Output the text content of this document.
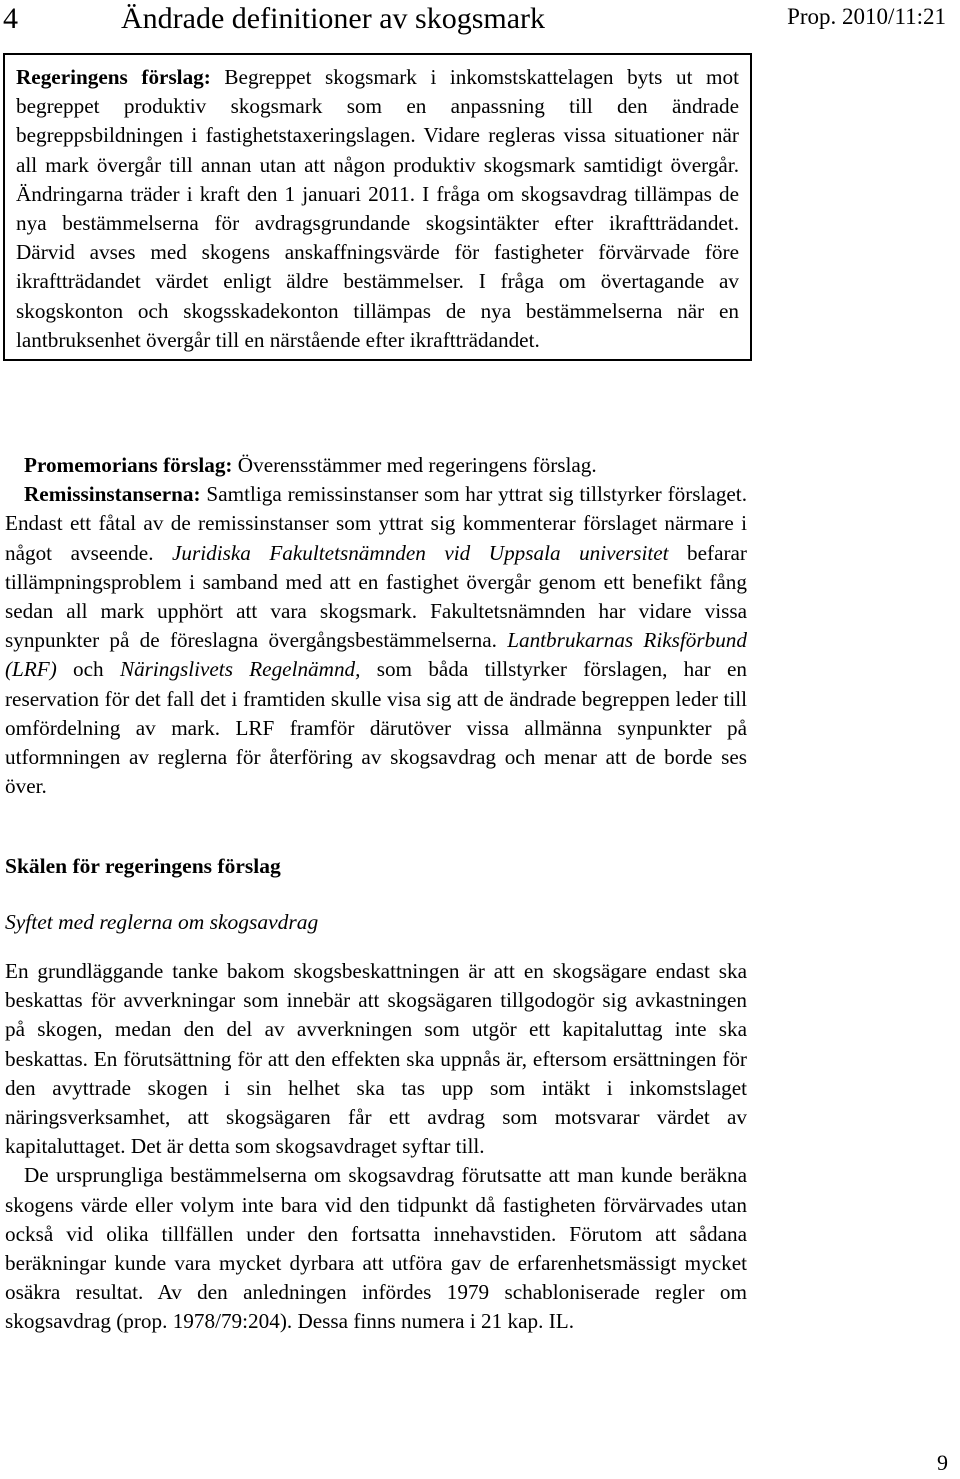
4	Ändrade definitioner av skogsmark	Prop. 2010/11:21
Regeringens förslag: Begreppet skogsmark i inkomstskattelagen byts ut mot begreppet produktiv skogsmark som en anpassning till den ändrade begreppsbildningen i fastighetstaxeringslagen. Vidare regleras vissa situationer när all mark övergår till annan utan att någon produktiv skogsmark samtidigt övergår. Ändringarna träder i kraft den 1 januari 2011. I fråga om skogsavdrag tillämpas de nya bestämmelserna för avdragsgrundande skogsintäkter efter ikraftträdandet. Därvid avses med skogens anskaffningsvärde för fastigheter förvärvade före ikraftträdandet värdet enligt äldre bestämmelser. I fråga om övertagande av skogskonton och skogsskadekonton tillämpas de nya bestämmelserna när en lantbruksenhet övergår till en närstående efter ikraftträdandet.

Promemorians förslag: Överensstämmer med regeringens förslag.

Remissinstanserna: Samtliga remissinstanser som har yttrat sig tillstyrker förslaget. Endast ett fåtal av de remissinstanser som yttrat sig kommenterar förslaget närmare i något avseende. Juridiska Fakultetsnämnden vid Uppsala universitet befarar tillämpningsproblem i samband med att en fastighet övergår genom ett benefikt fång sedan all mark upphört att vara skogsmark. Fakultetsnämnden har vidare vissa synpunkter på de föreslagna övergångsbestämmelserna. Lantbrukarnas Riksförbund (LRF) och Näringslivets Regelnämnd, som båda tillstyrker förslagen, har en reservation för det fall det i framtiden skulle visa sig att de ändrade begreppen leder till omfördelning av mark. LRF framför därutöver vissa allmänna synpunkter på utformningen av reglerna för återföring av skogsavdrag och menar att de borde ses över.

Skälen för regeringens förslag
Syftet med reglerna om skogsavdrag

En grundläggande tanke bakom skogsbeskattningen är att en skogsägare endast ska beskattas för avverkningar som innebär att skogsägaren tillgodogör sig avkastningen på skogen, medan den del av avverkningen som utgör ett kapitaluttag inte ska beskattas. En förutsättning för att den effekten ska uppnås är, eftersom ersättningen för den avyttrade skogen i sin helhet ska tas upp som intäkt i inkomstslaget näringsverksamhet, att skogsägaren får ett avdrag som motsvarar värdet av kapitaluttaget. Det är detta som skogsavdraget syftar till.

De ursprungliga bestämmelserna om skogsavdrag förutsatte att man kunde beräkna skogens värde eller volym inte bara vid den tidpunkt då fastigheten förvärvades utan också vid olika tillfällen under den fortsatta innehavstiden. Förutom att sådana beräkningar kunde vara mycket dyrbara att utföra gav de erfarenhetsmässigt mycket osäkra resultat. Av den anledningen infördes 1979 schabloniserade regler om skogsavdrag (prop. 1978/79:204). Dessa finns numera i 21 kap. IL.

9
